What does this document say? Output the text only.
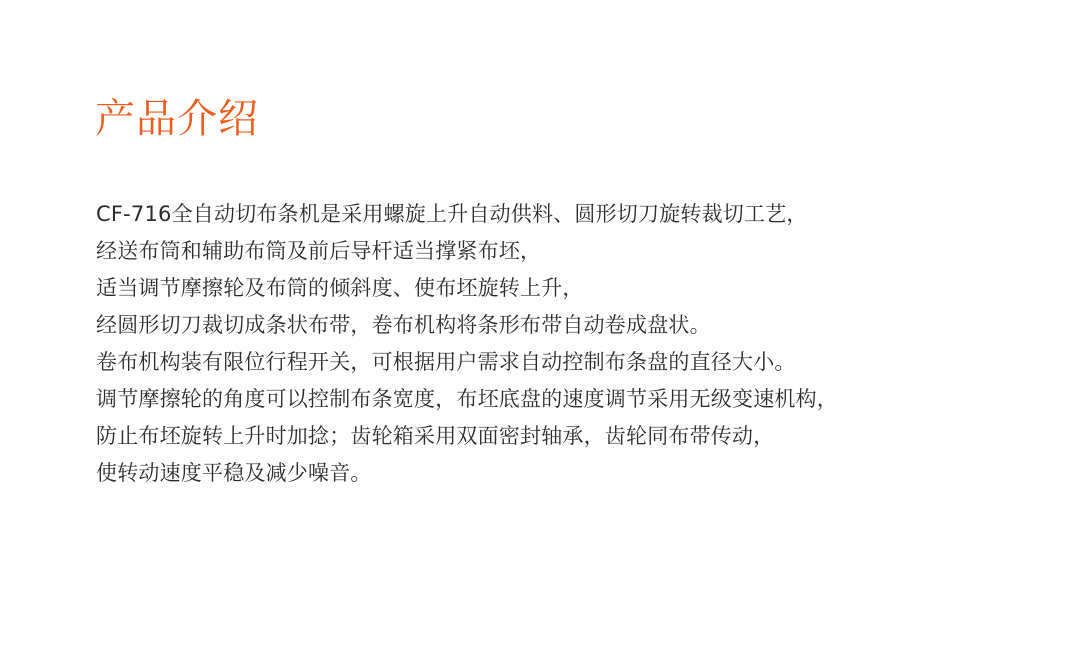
产品介绍
CF-716全自动切布条机是采用螺旋上升自动供料、圆形切刀旋转裁切工艺，
经送布筒和辅助布筒及前后导杆适当撑紧布坯，
适当调节摩擦轮及布筒的倾斜度、使布坯旋转上升，
经圆形切刀裁切成条状布带，卷布机构将条形布带自动卷成盘状。
卷布机构装有限位行程开关，可根据用户需求自动控制布条盘的直径大小。
调节摩擦轮的角度可以控制布条宽度，布坯底盘的速度调节采用无级变速机构，
防止布坯旋转上升时加捻；齿轮箱采用双面密封轴承，齿轮同布带传动，
使转动速度平稳及减少噪音。
